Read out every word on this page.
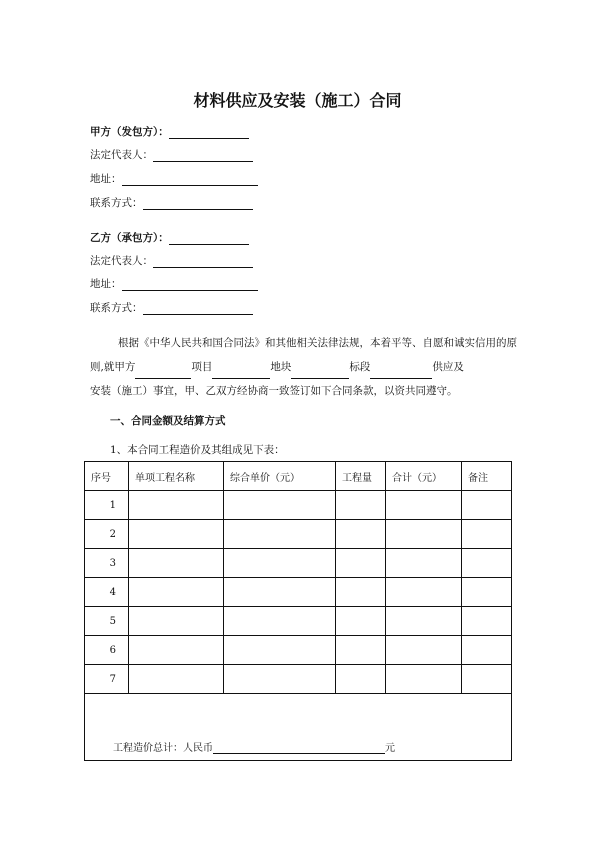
材料供应及安装（施工）合同
甲方（发包方）：
法定代表人：
地址：
联系方式：
乙方（承包方）：
法定代表人：
地址：
联系方式：

根据《中华人民共和国合同法》和其他相关法律法规，本着平等、自愿和诚实信用的原

则,就甲方	项目	地块	标段	供应及

安装（施工）事宜，甲、乙双方经协商一致签订如下合同条款，以资共同遵守。

一、合同金额及结算方式
1、本合同工程造价及其组成见下表：
序号	单项工程名称	综合单价（元）	工程量	合计（元）	备注
1					
2					
3					
4					
5					
6					
7					
工程造价总计：人民币 元					
